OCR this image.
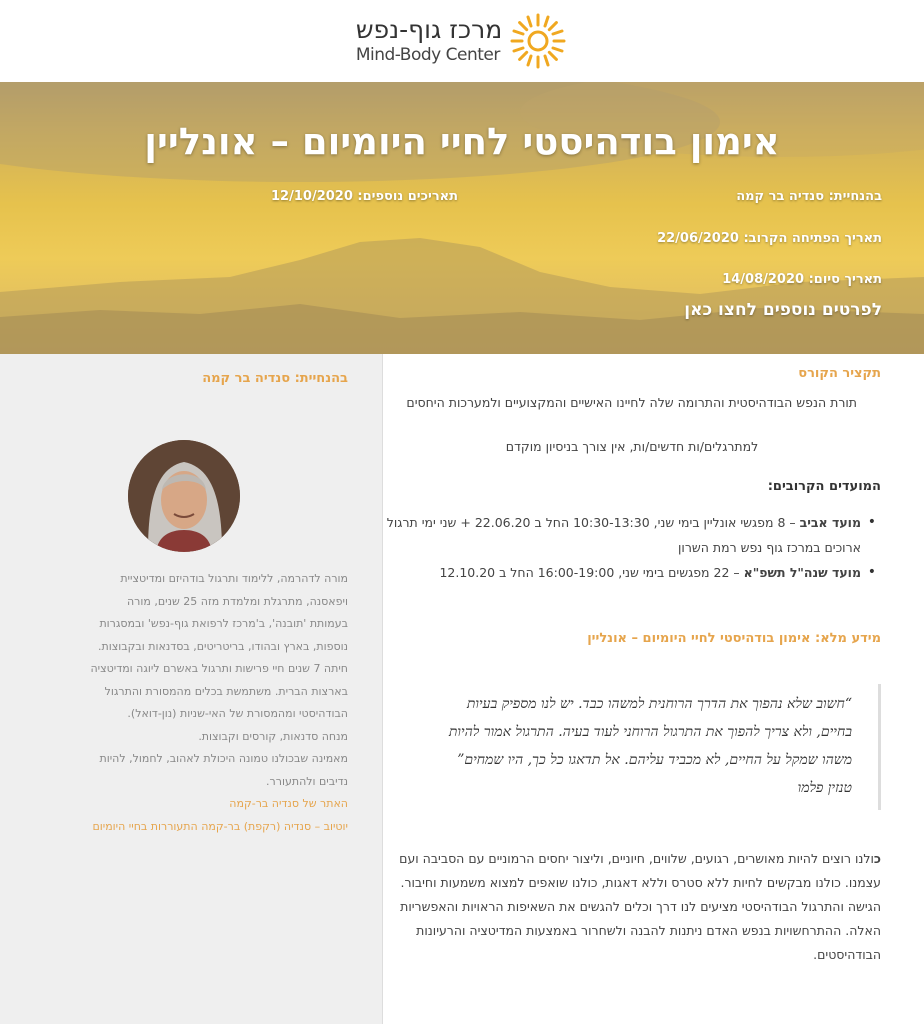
מרכז גוף-נפש
Mind-Body Center
אימון בודהיסטי לחיי היומיום – אונליין
בהנחיית: סנדיה בר קמה
תאריכים נוספים: 12/10/2020
תאריך הפתיחה הקרוב: 22/06/2020
תאריך סיום: 14/08/2020
לפרטים נוספים לחצו כאן
תקציר הקורס

תורת הנפש הבודהיסטית והתרומה שלה לחיינו האישיים והמקצועיים ולמערכות היחסים

למתרגלים/ות חדשים/ות, אין צורך בניסיון מוקדם

המועדים הקרובים:

• מועד אביב – 8 מפגשי אונליין בימי שני, 10:30-13:30 החל ב 22.06.20 + שני ימי תרגול ארוכים במרכז גוף נפש רמת השרון
• מועד שנה"ל תשפ"א – 22 מפגשים בימי שני, 16:00-19:00 החל ב 12.10.20
מידע מלא: אימון בודהיסטי לחיי היומיום – אונליין
“חשוב שלא נהפוך את הדרך הרוחנית למשהו כבד. יש לנו מספיק בעיות בחיים, ולא צריך להפוך את התרגול הרוחני לעוד בעיה. התרגול אמור להיות משהו שמקל על החיים, לא מכביד עליהם. אל תדאגו כל כך, היו שמחים” טנזין פלמו

כולנו רוצים להיות מאושרים, רגועים, שלווים, חיוניים, וליצור יחסים הרמוניים עם הסביבה ועם עצמנו. כולנו מבקשים לחיות ללא סטרס וללא דאגות, כולנו שואפים למצוא משמעות וחיבור. הגישה והתרגול הבודהיסטי מציעים לנו דרך וכלים להגשים את השאיפות הראויות והאפשריות האלה. ההתרחשויות בנפש האדם ניתנות להבנה ולשחרור באמצעות המדיטציה והרעיונות הבודהיסטים.

בהנחיית: סנדיה בר קמה
מורה לדהרמה, ללימוד ותרגול בודהיזם ומדיטציית
ויפאסנה, מתרגלת ומלמדת מזה 25 שנים, מורה
בעמותת 'תובנה', ב'מרכז לרפואת גוף-נפש' ובמסגרות
נוספות, בארץ ובהודו, בריטריטים, בסדנאות ובקבוצות.
חיתה 7 שנים חיי פרישות ותרגול באשרם ליוגה ומדיטציה
בארצות הברית. משתמשת בכלים מהמסורת והתרגול
הבודהיסטי ומהמסורת של האי-שניות (נון-דואל).
מנחה סדנאות, קורסים וקבוצות.
מאמינה שבכולנו טמונה היכולת לאהוב, לחמול, להיות
נדיבים ולהתעורר.
האתר של סנדיה בר-קמה
יוטיוב – סנדיה (רקפת) בר-קמה התעוררות בחיי היומיום
